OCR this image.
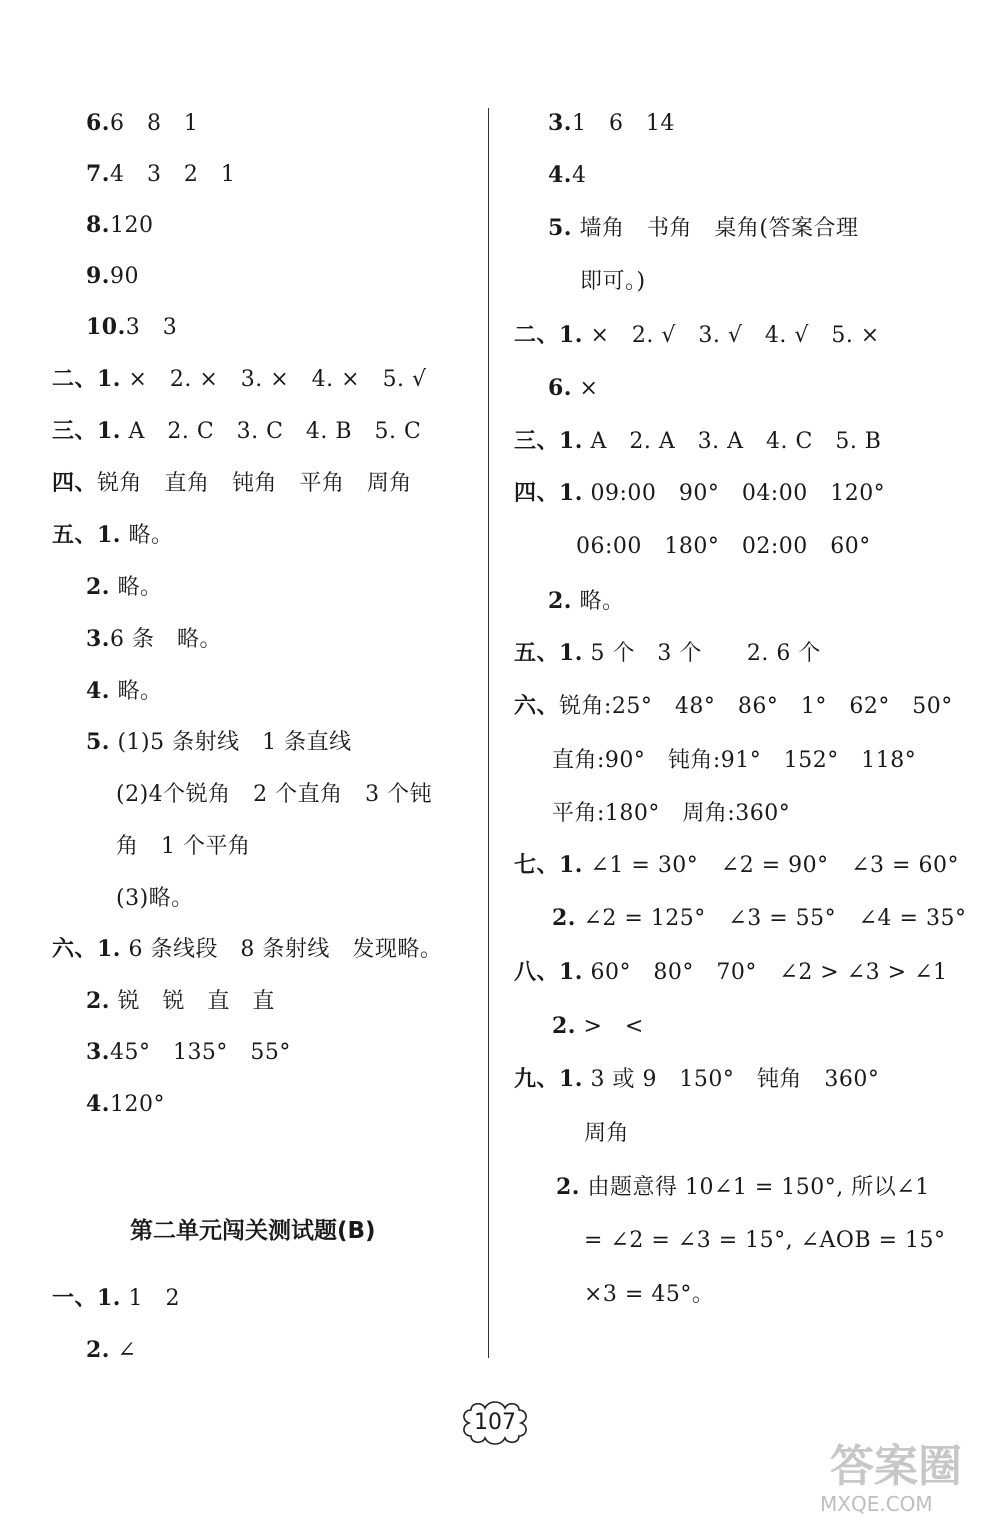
6.6   8   1
7.4   3   2   1
8.120
9.90
10.3   3
二、1. ×   2. ×   3. ×   4. ×   5. √
三、1. A   2. C   3. C   4. B   5. C
四、锐角   直角   钝角   平角   周角
五、1. 略。
2. 略。
3.6 条   略。
4. 略。
5. (1)5 条射线   1 条直线
(2)4个锐角   2 个直角   3 个钝
角   1 个平角
(3)略。
六、1. 6 条线段   8 条射线   发现略。
2. 锐   锐   直   直
3.45°   135°   55°
4.120°
第二单元闯关测试题(B)
一、1. 1   2
2. ∠
3.1   6   14
4.4
5. 墙角   书角   桌角(答案合理
即可。)
二、1. ×   2. √   3. √   4. √   5. ×
6. ×
三、1. A   2. A   3. A   4. C   5. B
四、1. 09:00   90°   04:00   120°
06:00   180°   02:00   60°
2. 略。
五、1. 5 个   3 个      2. 6 个
六、锐角:25°   48°   86°   1°   62°   50°
直角:90°   钝角:91°   152°   118°
平角:180°   周角:360°
七、1. ∠1 = 30°   ∠2 = 90°   ∠3 = 60°
2. ∠2 = 125°   ∠3 = 55°   ∠4 = 35°
八、1. 60°   80°   70°   ∠2 > ∠3 > ∠1
2. >   <
九、1. 3 或 9   150°   钝角   360°
周角
2. 由题意得 10∠1 = 150°, 所以∠1
= ∠2 = ∠3 = 15°, ∠AOB = 15°
×3 = 45°。
107
答案圈
MXQE.COM
